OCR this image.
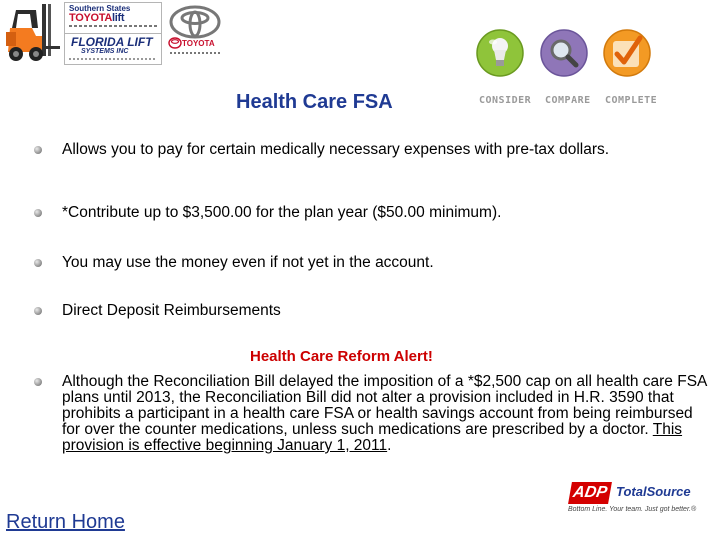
Southern States
TOYOTAlift
FLORIDA LIFT
SYSTEMS INC
TOYOTA
CONSIDER COMPARE COMPLETE
Health Care FSA
Allows you to pay for certain medically necessary expenses with pre-tax dollars.
*Contribute up to $3,500.00 for the plan year ($50.00 minimum).
You may use the money even if not yet in the account.
Direct Deposit Reimbursements
Although the Reconciliation Bill delayed the imposition of a *$2,500 cap on all health care FSA plans until 2013, the Reconciliation Bill did not alter a provision included in H.R. 3590 that prohibits a participant in a health care FSA or health savings account from being reimbursed for over the counter medications, unless such medications are prescribed by a doctor. This provision is effective beginning January 1, 2011.
Health Care Reform Alert!
Return Home
ADP TotalSource
Bottom Line. Your team. Just got better.®
